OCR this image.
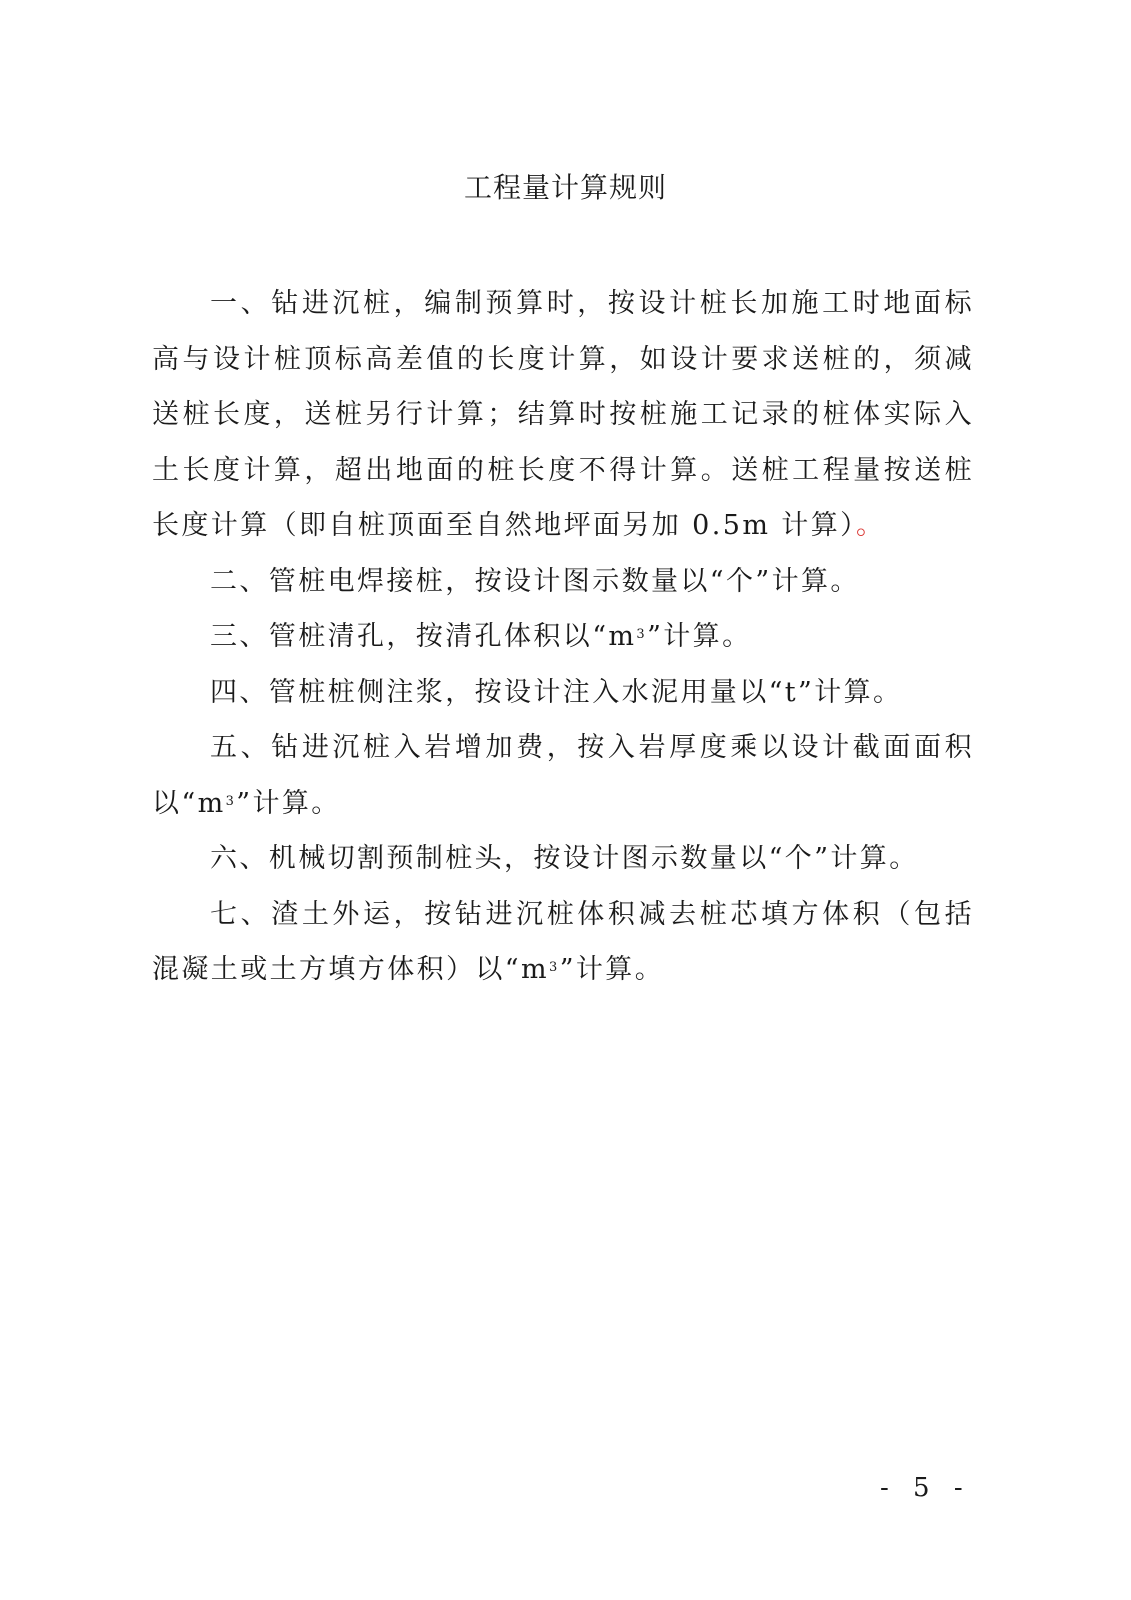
工程量计算规则

一、钻进沉桩，编制预算时，按设计桩长加施工时地面标高与设计桩顶标高差值的长度计算，如设计要求送桩的，须减送桩长度，送桩另行计算；结算时按桩施工记录的桩体实际入土长度计算，超出地面的桩长度不得计算。送桩工程量按送桩长度计算（即自桩顶面至自然地坪面另加 0.5m 计算）。

二、管桩电焊接桩，按设计图示数量以“个”计算。

三、管桩清孔，按清孔体积以“$m^3$”计算。

四、管桩桩侧注浆，按设计注入水泥用量以“t”计算。

五、钻进沉桩入岩增加费，按入岩厚度乘以设计截面面积以“$m^3$”计算。

六、机械切割预制桩头，按设计图示数量以“个”计算。

七、渣土外运，按钻进沉桩体积减去桩芯填方体积（包括混凝土或土方填方体积）以“$m^3$”计算。

- 5 -
